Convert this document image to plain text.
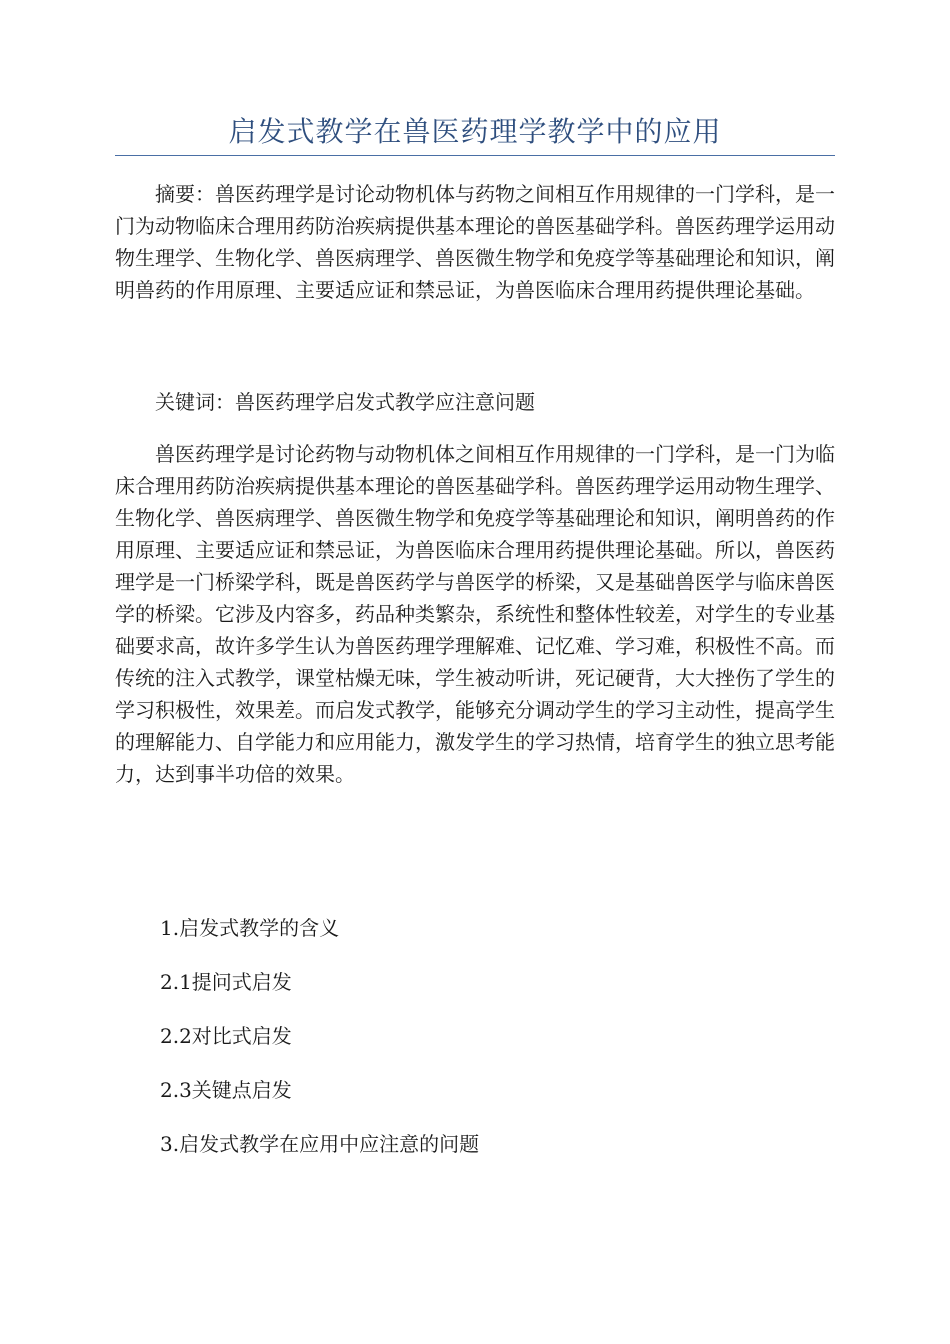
启发式教学在兽医药理学教学中的应用

摘要：兽医药理学是讨论动物机体与药物之间相互作用规律的一门学科，是一门为动物临床合理用药防治疾病提供基本理论的兽医基础学科。兽医药理学运用动物生理学、生物化学、兽医病理学、兽医微生物学和免疫学等基础理论和知识，阐明兽药的作用原理、主要适应证和禁忌证，为兽医临床合理用药提供理论基础。

关键词：兽医药理学启发式教学应注意问题

兽医药理学是讨论药物与动物机体之间相互作用规律的一门学科，是一门为临床合理用药防治疾病提供基本理论的兽医基础学科。兽医药理学运用动物生理学、生物化学、兽医病理学、兽医微生物学和免疫学等基础理论和知识，阐明兽药的作用原理、主要适应证和禁忌证，为兽医临床合理用药提供理论基础。所以，兽医药理学是一门桥梁学科，既是兽医药学与兽医学的桥梁，又是基础兽医学与临床兽医学的桥梁。它涉及内容多，药品种类繁杂，系统性和整体性较差，对学生的专业基础要求高，故许多学生认为兽医药理学理解难、记忆难、学习难，积极性不高。而传统的注入式教学，课堂枯燥无味，学生被动听讲，死记硬背，大大挫伤了学生的学习积极性，效果差。而启发式教学，能够充分调动学生的学习主动性，提高学生的理解能力、自学能力和应用能力，激发学生的学习热情，培育学生的独立思考能力，达到事半功倍的效果。

1.启发式教学的含义

2.1提问式启发

2.2对比式启发

2.3关键点启发

3.启发式教学在应用中应注意的问题
